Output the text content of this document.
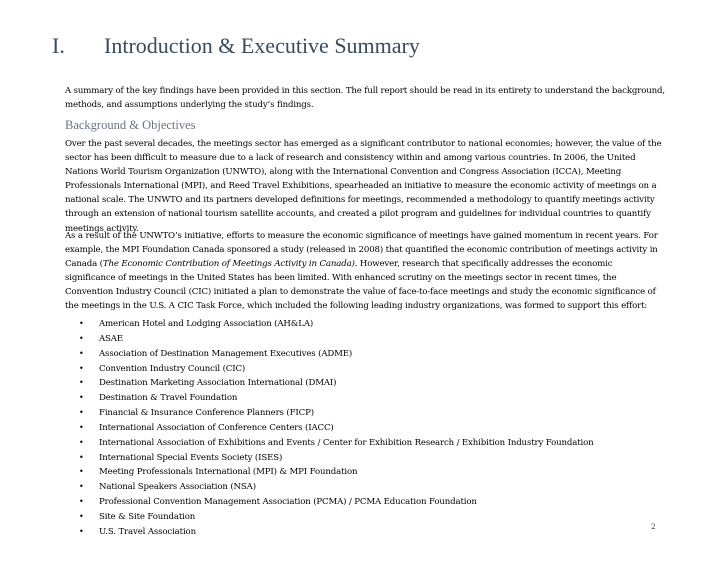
I. Introduction & Executive Summary
A summary of the key findings have been provided in this section. The full report should be read in its entirety to understand the background, methods, and assumptions underlying the study’s findings.
Background & Objectives
Over the past several decades, the meetings sector has emerged as a significant contributor to national economies; however, the value of the sector has been difficult to measure due to a lack of research and consistency within and among various countries. In 2006, the United Nations World Tourism Organization (UNWTO), along with the International Convention and Congress Association (ICCA), Meeting Professionals International (MPI), and Reed Travel Exhibitions, spearheaded an initiative to measure the economic activity of meetings on a national scale. The UNWTO and its partners developed definitions for meetings, recommended a methodology to quantify meetings activity through an extension of national tourism satellite accounts, and created a pilot program and guidelines for individual countries to quantify meetings activity.
As a result of the UNWTO’s initiative, efforts to measure the economic significance of meetings have gained momentum in recent years. For example, the MPI Foundation Canada sponsored a study (released in 2008) that quantified the economic contribution of meetings activity in Canada (The Economic Contribution of Meetings Activity in Canada). However, research that specifically addresses the economic significance of meetings in the United States has been limited. With enhanced scrutiny on the meetings sector in recent times, the Convention Industry Council (CIC) initiated a plan to demonstrate the value of face-to-face meetings and study the economic significance of the meetings in the U.S. A CIC Task Force, which included the following leading industry organizations, was formed to support this effort:
• American Hotel and Lodging Association (AH&LA)
• ASAE
• Association of Destination Management Executives (ADME)
• Convention Industry Council (CIC)
• Destination Marketing Association International (DMAI)
• Destination & Travel Foundation
• Financial & Insurance Conference Planners (FICP)
• International Association of Conference Centers (IACC)
• International Association of Exhibitions and Events / Center for Exhibition Research / Exhibition Industry Foundation
• International Special Events Society (ISES)
• Meeting Professionals International (MPI) & MPI Foundation
• National Speakers Association (NSA)
• Professional Convention Management Association (PCMA) / PCMA Education Foundation
• Site & Site Foundation
• U.S. Travel Association
2
